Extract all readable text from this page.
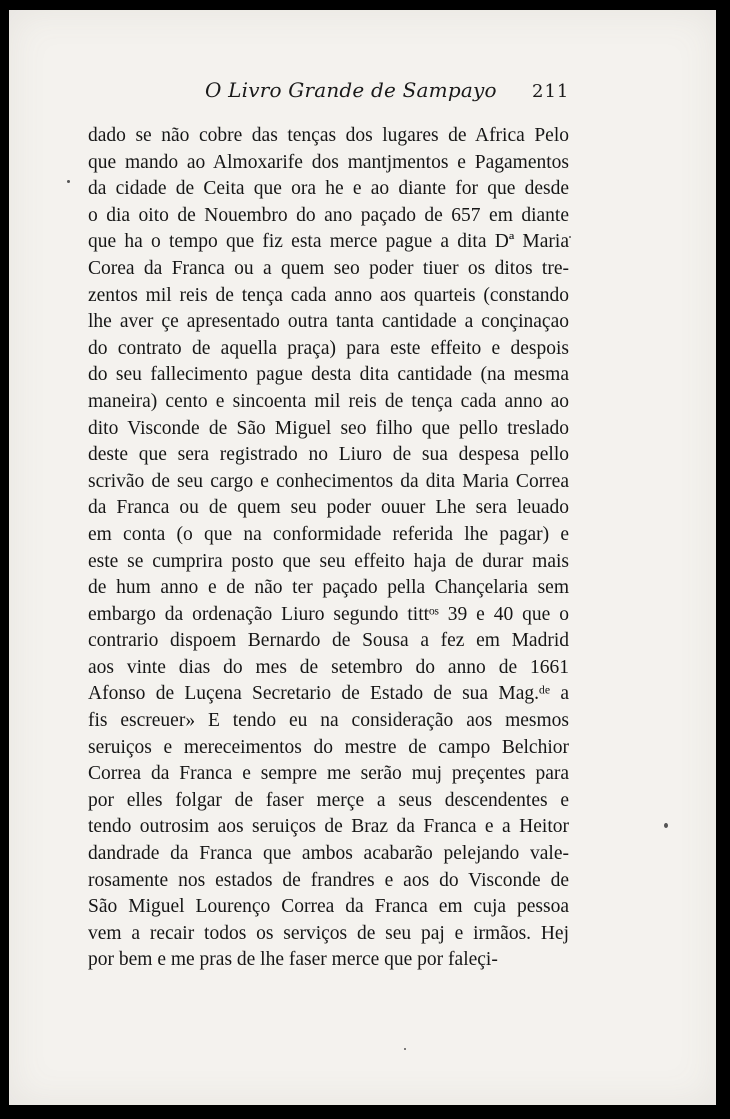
O Livro Grande de Sampayo 211
dado se não cobre das tenças dos lugares de Africa Pelo
que mando ao Almoxarife dos mantjmentos e Pagamentos
da cidade de Ceita que ora he e ao diante for que desde
o dia oito de Nouembro do ano paçado de 657 em diante
que ha o tempo que fiz esta merce pague a dita Dª Maria
Corea da Franca ou a quem seo poder tiuer os ditos tre-
zentos mil reis de tença cada anno aos quarteis (constando
lhe aver çe apresentado outra tanta cantidade a conçinaçao
do contrato de aquella praça) para este effeito e despois
do seu fallecimento pague desta dita cantidade (na mesma
maneira) cento e sincoenta mil reis de tença cada anno ao
dito Visconde de São Miguel seo filho que pello treslado
deste que sera registrado no Liuro de sua despesa pello
scrivão de seu cargo e conhecimentos da dita Maria Correa
da Franca ou de quem seu poder ouuer Lhe sera leuado
em conta (o que na conformidade referida lhe pagar) e
este se cumprira posto que seu effeito haja de durar mais
de hum anno e de não ter paçado pella Chançelaria sem
embargo da ordenação Liuro segundo tittᵒˢ 39 e 40 que o
contrario dispoem Bernardo de Sousa a fez em Madrid
aos vinte dias do mes de setembro do anno de 1661
Afonso de Luçena Secretario de Estado de sua Mag.ᵈᵉ a
fis escreuer» E tendo eu na consideração aos mesmos
seruiços e mereceimentos do mestre de campo Belchior
Correa da Franca e sempre me serão muj preçentes para
por elles folgar de faser merçe a seus descendentes e
tendo outrosim aos seruiços de Braz da Franca e a Heitor
dandrade da Franca que ambos acabarão pelejando vale-
rosamente nos estados de frandres e aos do Visconde de
São Miguel Lourenço Correa da Franca em cuja pessoa
vem a recair todos os serviços de seu paj e irmãos. Hej
por bem e me pras de lhe faser merce que por faleçi-
